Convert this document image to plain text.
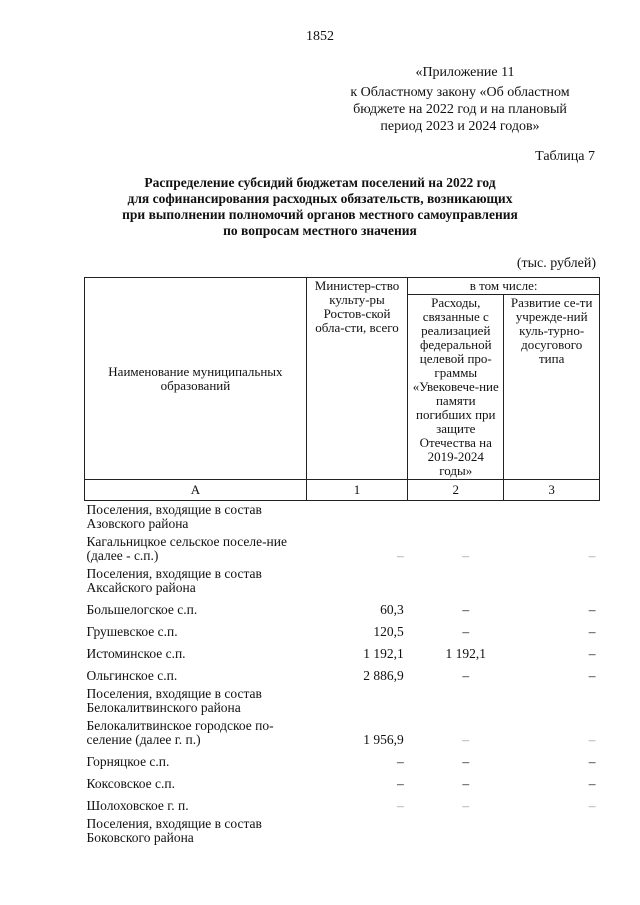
1852
«Приложение 11
к Областному закону «Об областном
бюджете на 2022 год и на плановый
период 2023 и 2024 годов»
Таблица 7
Распределение субсидий бюджетам поселений на 2022 год
для софинансирования расходных обязательств, возникающих
при выполнении полномочий органов местного самоуправления
по вопросам местного значения
(тыс. рублей)
Наименование муниципальных образований	Министер-ство культу-ры Ростов-ской обла-сти, всего	в том числе:	
		Расходы, связанные с реализацией федеральной целевой про-граммы «Увековече-ние памяти погибших при защите Отечества на 2019-2024 годы»	Развитие се-ти учрежде-ний куль-турно-досугового типа
А	1	2	3
Поселения, входящие в состав Азовского района			
Кагальницкое сельское поселе-ние (далее - с.п.)	–	–	–
Поселения, входящие в состав Аксайского района			
Большелогское с.п.	60,3	–	–
Грушевское с.п.	120,5	–	–
Истоминское с.п.	1 192,1	1 192,1	–
Ольгинское с.п.	2 886,9	–	–
Поселения, входящие в состав Белокалитвинского района			
Белокалитвинское городское по-селение (далее г. п.)	1 956,9	–	–
Горняцкое с.п.	–	–	–
Коксовское с.п.	–	–	–
Шолоховское г. п.	–	–	–
Поселения, входящие в состав Боковского района			
